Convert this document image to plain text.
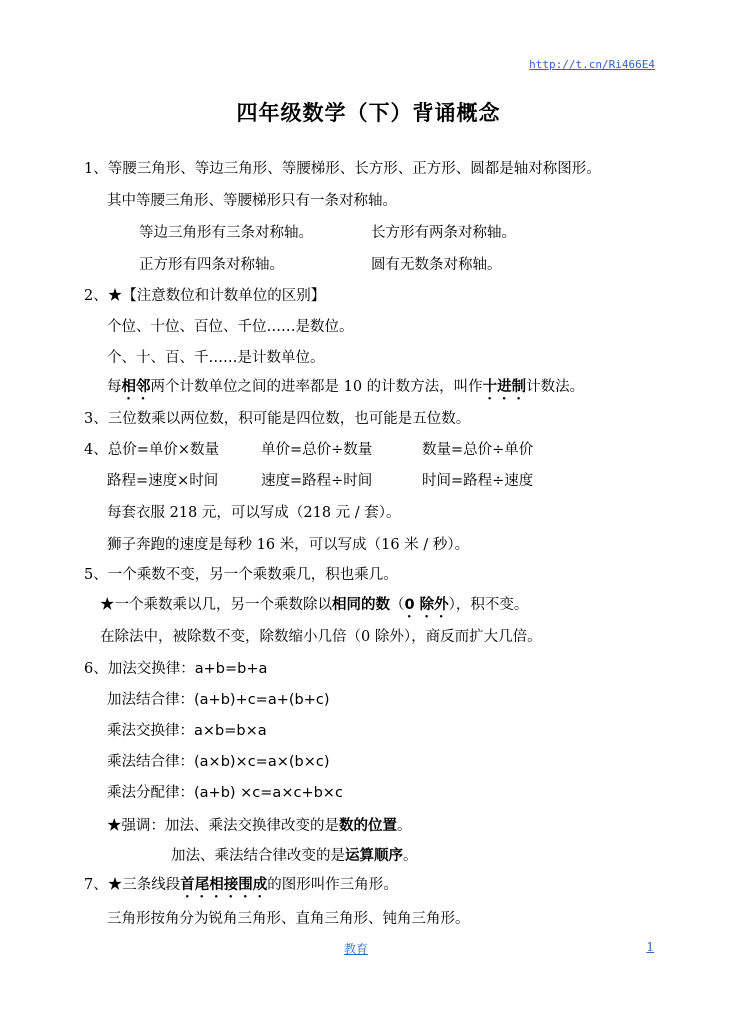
http://t.cn/Ri466E4
四年级数学（下）背诵概念
1、等腰三角形、等边三角形、等腰梯形、长方形、正方形、圆都是轴对称图形。
其中等腰三角形、等腰梯形只有一条对称轴。
等边三角形有三条对称轴。	长方形有两条对称轴。
正方形有四条对称轴。	圆有无数条对称轴。
2、★【注意数位和计数单位的区别】
个位、十位、百位、千位……是数位。
个、十、百、千……是计数单位。
每相邻两个计数单位之间的进率都是 10 的计数方法，叫作十进制计数法。
3、三位数乘以两位数，积可能是四位数，也可能是五位数。
4、总价=单价×数量	单价=总价÷数量	数量=总价÷单价
路程=速度×时间	速度=路程÷时间	时间=路程÷速度
每套衣服 218 元，可以写成（218 元 / 套）。
狮子奔跑的速度是每秒 16 米，可以写成（16 米 / 秒）。
5、一个乘数不变，另一个乘数乘几，积也乘几。
★一个乘数乘以几，另一个乘数除以相同的数（0 除外），积不变。
在除法中，被除数不变，除数缩小几倍（0 除外），商反而扩大几倍。
6、加法交换律：a+b=b+a
加法结合律：(a+b)+c=a+(b+c)
乘法交换律：a×b=b×a
乘法结合律：(a×b)×c=a×(b×c)
乘法分配律：(a+b) ×c=a×c+b×c
★强调：加法、乘法交换律改变的是数的位置。
加法、乘法结合律改变的是运算顺序。
7、★三条线段首尾相接围成的图形叫作三角形。
三角形按角分为锐角三角形、直角三角形、钝角三角形。
教育	1
